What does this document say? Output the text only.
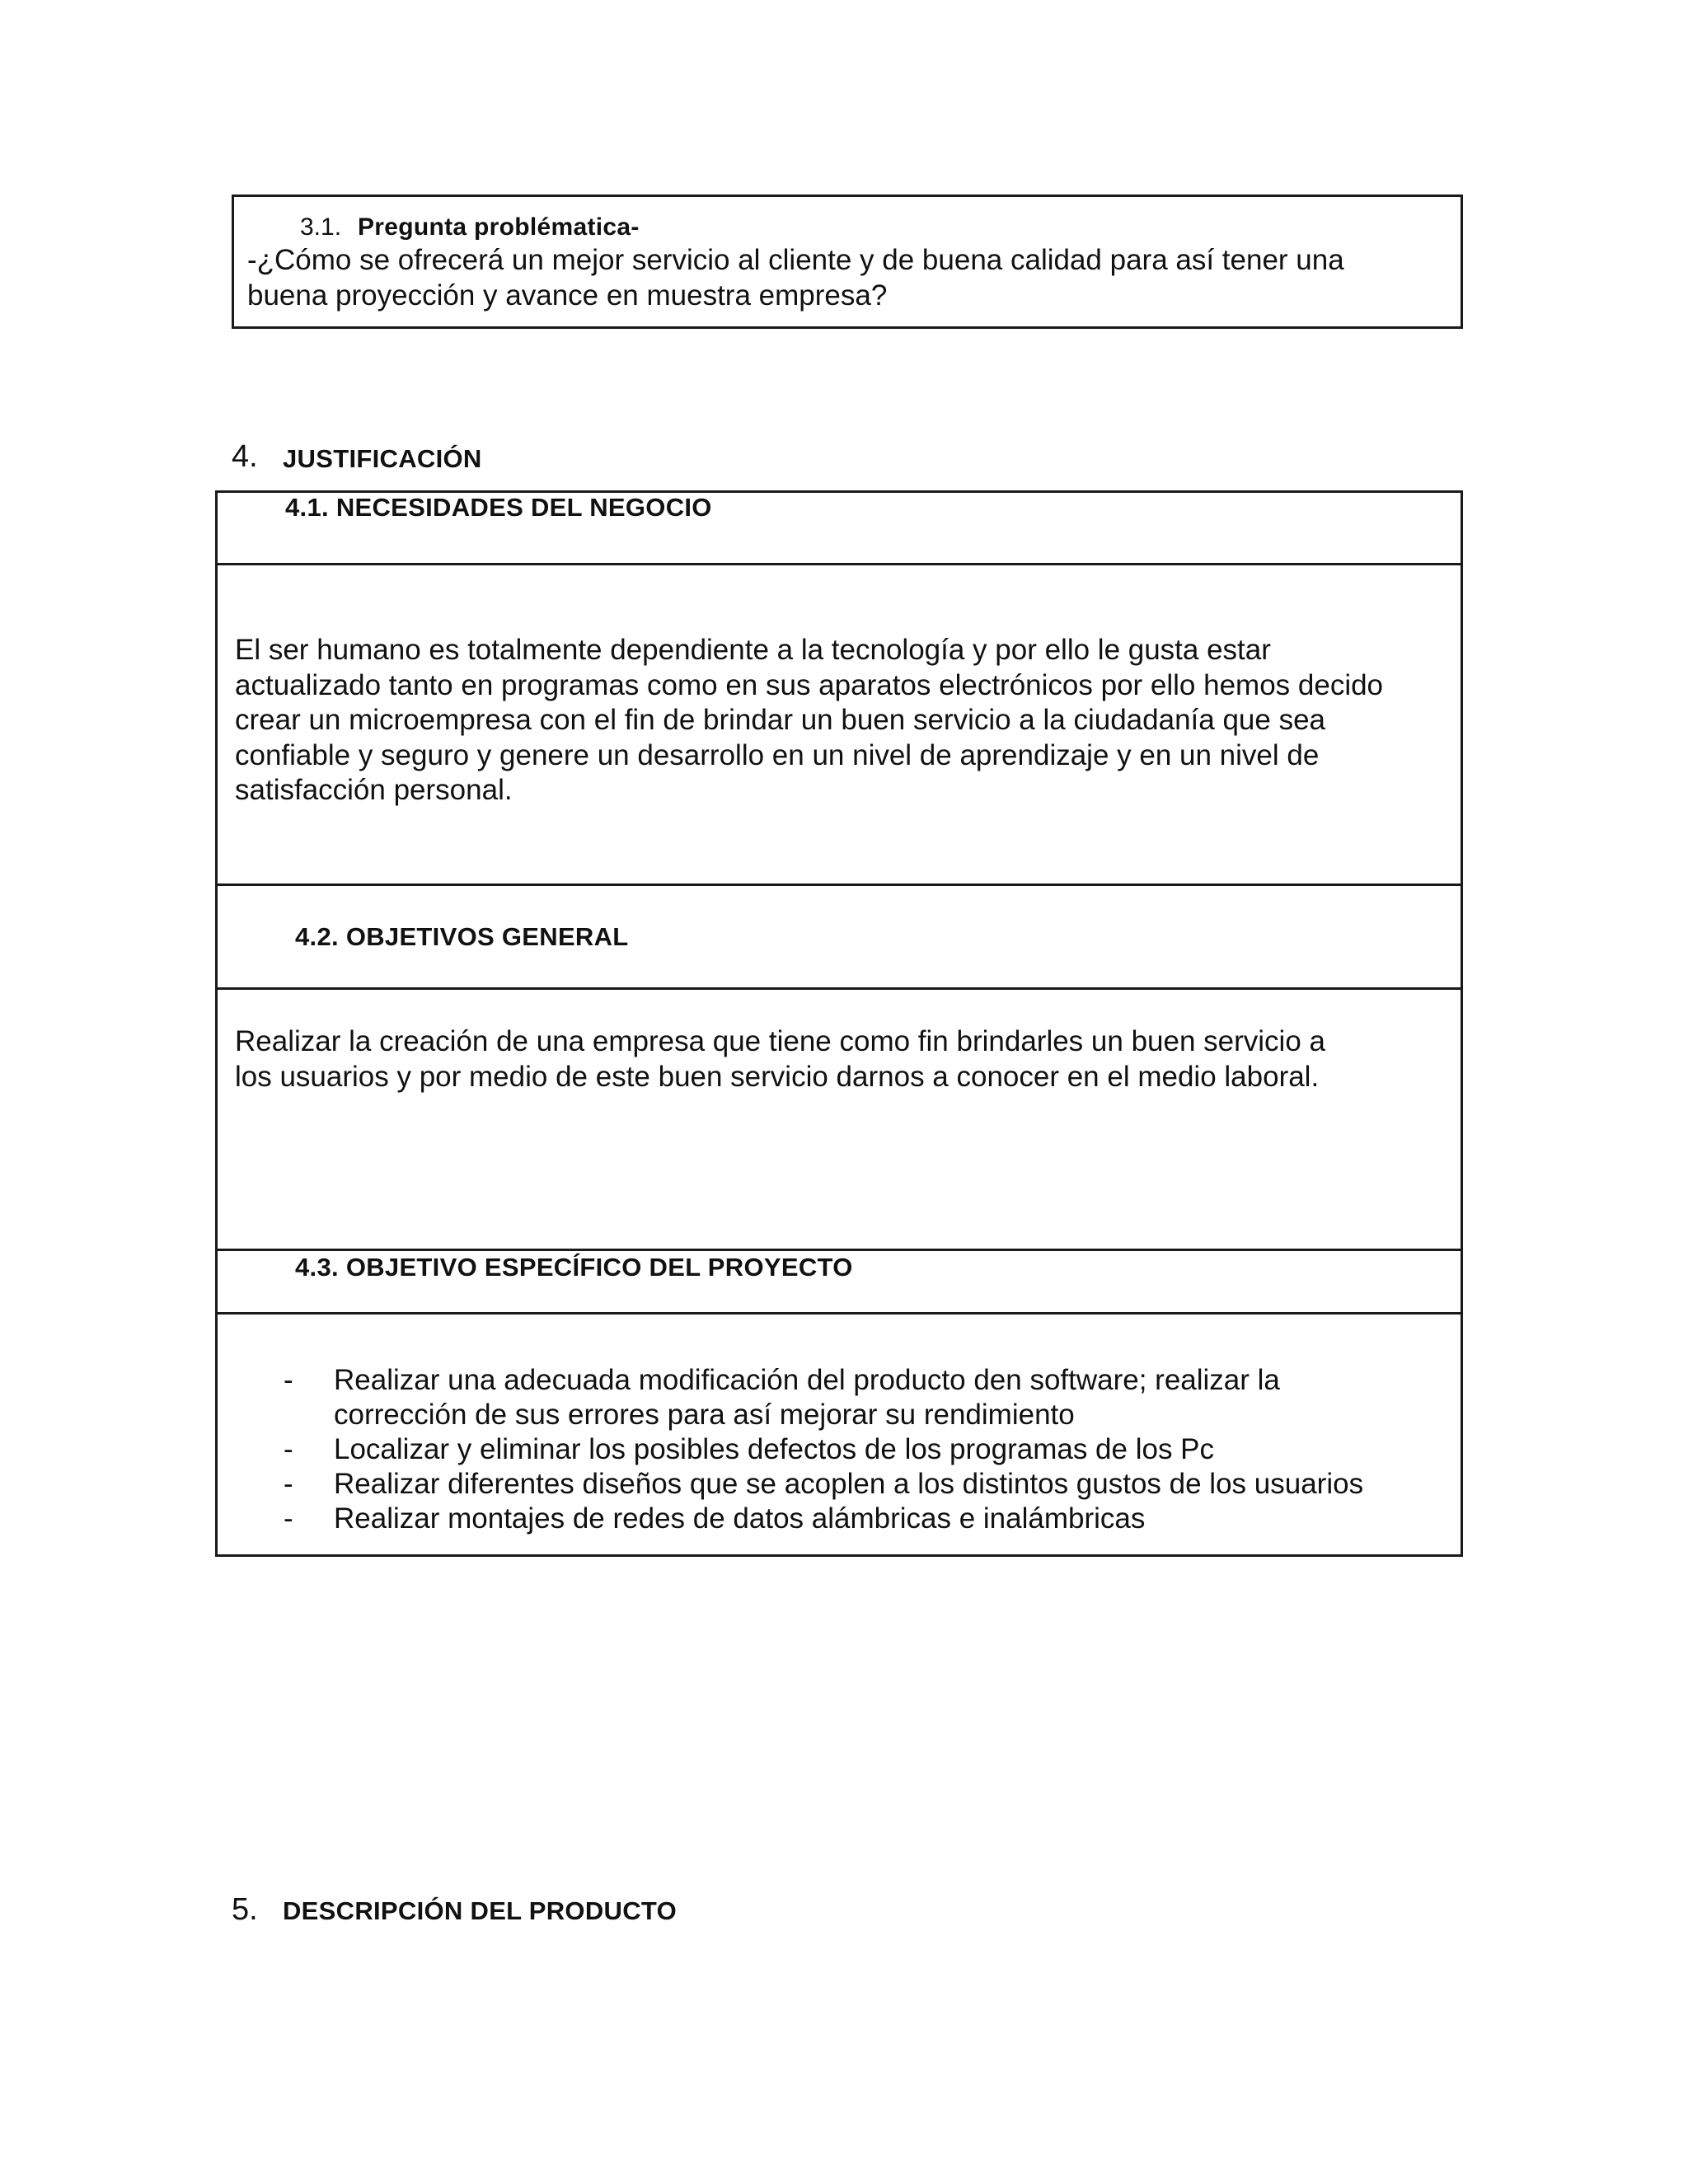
3.1. Pregunta problématica-
-¿Cómo se ofrecerá un mejor servicio al cliente y de buena calidad para así tener una
buena proyección y avance en muestra empresa?
4. JUSTIFICACIÓN
4.1. NECESIDADES DEL NEGOCIO
El ser humano es totalmente dependiente a la tecnología y por ello le gusta estar
actualizado tanto en programas como en sus aparatos electrónicos por ello hemos decido
crear un microempresa con el fin de brindar un buen servicio a la ciudadanía que sea
confiable y seguro y genere un desarrollo en un nivel de aprendizaje y en un nivel de
satisfacción personal.
4.2. OBJETIVOS GENERAL
Realizar la creación de una empresa que tiene como fin brindarles un buen servicio a
los usuarios y por medio de este buen servicio darnos a conocer en el medio laboral.
4.3. OBJETIVO ESPECÍFICO DEL PROYECTO
- Realizar una adecuada modificación del producto den software; realizar la
corrección de sus errores para así mejorar su rendimiento
- Localizar y eliminar los posibles defectos de los programas de los Pc
- Realizar diferentes diseños que se acoplen a los distintos gustos de los usuarios
- Realizar montajes de redes de datos alámbricas e inalámbricas
5. DESCRIPCIÓN DEL PRODUCTO
